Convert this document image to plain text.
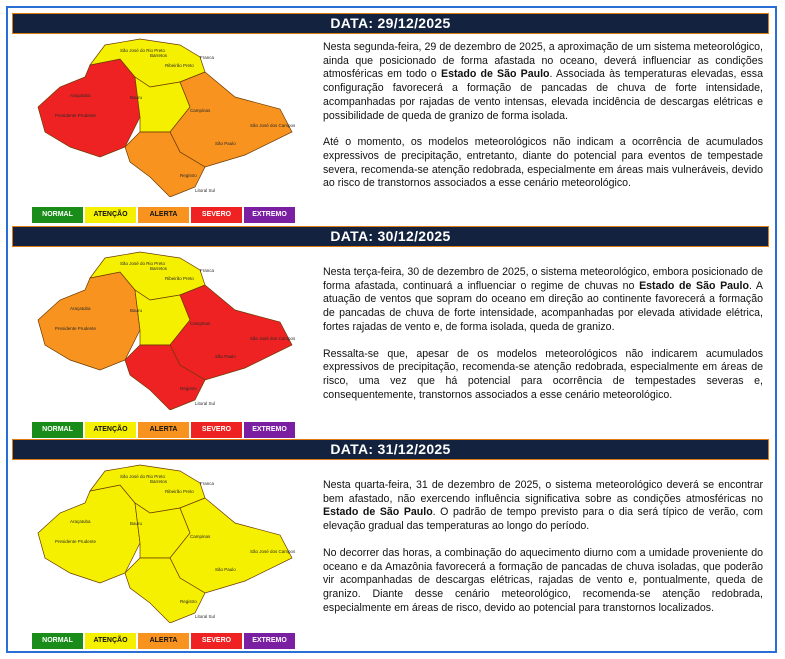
DATA: 29/12/2025
Barretos
São José do Rio Preto
Franca
Ribeirão Preto
Araçatuba
Presidente Prudente
Bauru
Campinas
São José dos Campos
São Paulo
Registro
Litoral Sul
NORMAL	ATENÇÃO	ALERTA	SEVERO	EXTREMO

Nesta segunda-feira, 29 de dezembro de 2025, a aproximação de um sistema meteorológico, ainda que posicionado de forma afastada no oceano, deverá influenciar as condições atmosféricas em todo o Estado de São Paulo. Associada às temperaturas elevadas, essa configuração favorecerá a formação de pancadas de chuva de forte intensidade, acompanhadas por rajadas de vento intensas, elevada incidência de descargas elétricas e possibilidade de queda de granizo de forma isolada.

Até o momento, os modelos meteorológicos não indicam a ocorrência de acumulados expressivos de precipitação, entretanto, diante do potencial para eventos de tempestade severa, recomenda-se atenção redobrada, especialmente em áreas mais vulneráveis, devido ao risco de transtornos associados a esse cenário meteorológico.

DATA: 30/12/2025
Barretos
São José do Rio Preto
Franca
Ribeirão Preto
Araçatuba
Presidente Prudente
Bauru
Campinas
São José dos Campos
São Paulo
Registro
Litoral Sul
NORMAL	ATENÇÃO	ALERTA	SEVERO	EXTREMO

Nesta terça-feira, 30 de dezembro de 2025, o sistema meteorológico, embora posicionado de forma afastada, continuará a influenciar o regime de chuvas no Estado de São Paulo. A atuação de ventos que sopram do oceano em direção ao continente favorecerá a formação de pancadas de chuva de forte intensidade, acompanhadas por elevada atividade elétrica, fortes rajadas de vento e, de forma isolada, queda de granizo.

Ressalta-se que, apesar de os modelos meteorológicos não indicarem acumulados expressivos de precipitação, recomenda-se atenção redobrada, especialmente em áreas de risco, uma vez que há potencial para ocorrência de tempestades severas e, consequentemente, transtornos associados a esse cenário meteorológico.

DATA: 31/12/2025
Barretos
São José do Rio Preto
Franca
Ribeirão Preto
Araçatuba
Presidente Prudente
Bauru
Campinas
São José dos Campos
São Paulo
Registro
Litoral Sul
NORMAL	ATENÇÃO	ALERTA	SEVERO	EXTREMO

Nesta quarta-feira, 31 de dezembro de 2025, o sistema meteorológico deverá se encontrar bem afastado, não exercendo influência significativa sobre as condições atmosféricas no Estado de São Paulo. O padrão de tempo previsto para o dia será típico de verão, com elevação gradual das temperaturas ao longo do período.

No decorrer das horas, a combinação do aquecimento diurno com a umidade proveniente do oceano e da Amazônia favorecerá a formação de pancadas de chuva isoladas, que poderão vir acompanhadas de descargas elétricas, rajadas de vento e, pontualmente, queda de granizo. Diante desse cenário meteorológico, recomenda-se atenção redobrada, especialmente em áreas de risco, devido ao potencial para transtornos localizados.
